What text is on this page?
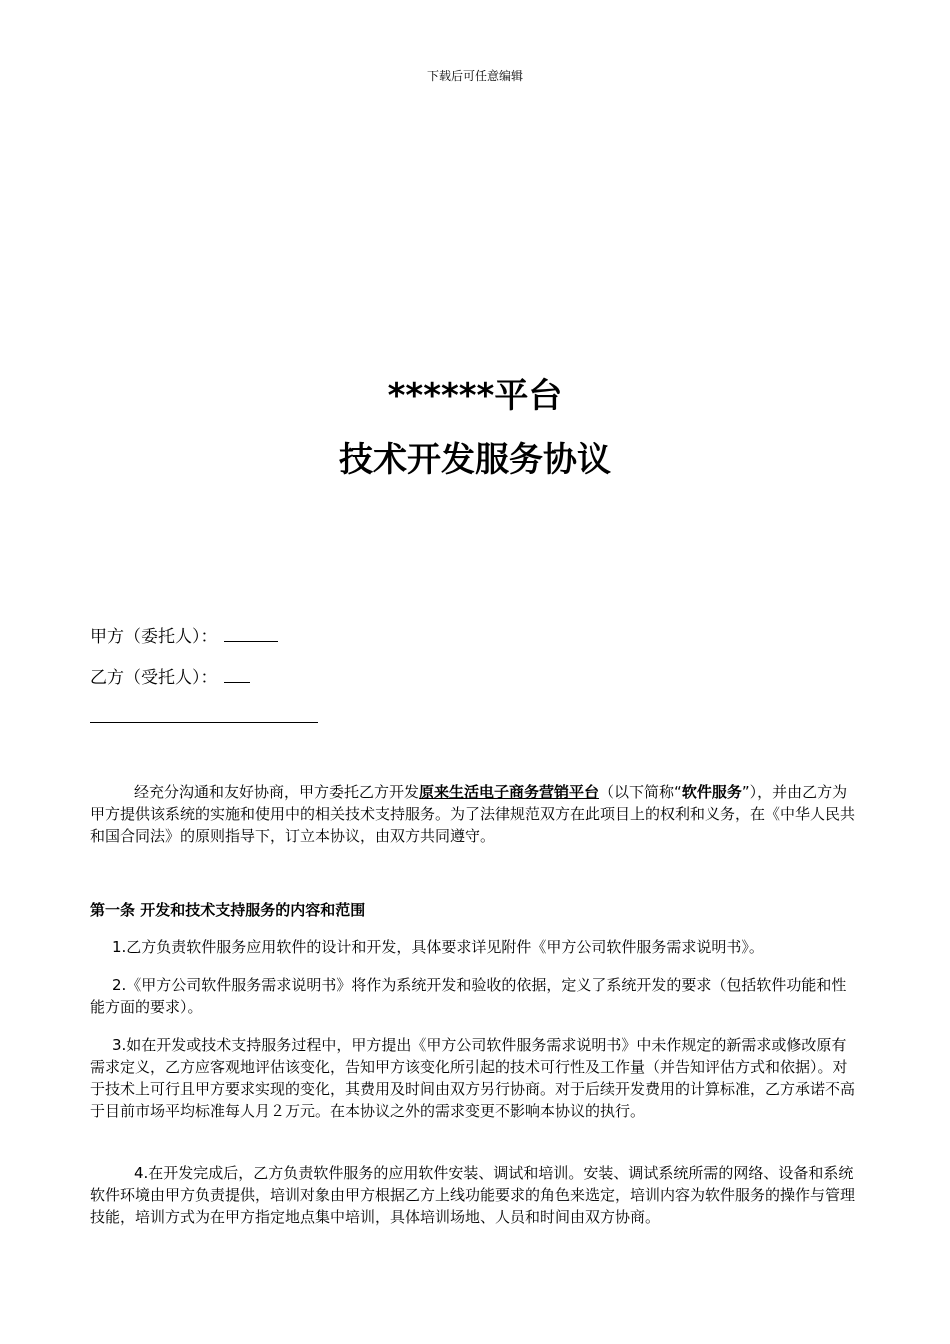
下载后可任意编辑
******平台
技术开发服务协议
甲方（委托人）：
乙方（受托人）：
经充分沟通和友好协商，甲方委托乙方开发原来生活电子商务营销平台（以下简称“软件服务”），并由乙方为甲方提供该系统的实施和使用中的相关技术支持服务。为了法律规范双方在此项目上的权利和义务，在《中华人民共和国合同法》的原则指导下，订立本协议，由双方共同遵守。
第一条 开发和技术支持服务的内容和范围
1.乙方负责软件服务应用软件的设计和开发，具体要求详见附件《甲方公司软件服务需求说明书》。
2.《甲方公司软件服务需求说明书》将作为系统开发和验收的依据，定义了系统开发的要求（包括软件功能和性能方面的要求）。
3.如在开发或技术支持服务过程中，甲方提出《甲方公司软件服务需求说明书》中未作规定的新需求或修改原有需求定义，乙方应客观地评估该变化，告知甲方该变化所引起的技术可行性及工作量（并告知评估方式和依据）。对于技术上可行且甲方要求实现的变化，其费用及时间由双方另行协商。对于后续开发费用的计算标准，乙方承诺不高于目前市场平均标准每人月２万元。在本协议之外的需求变更不影响本协议的执行。
4.在开发完成后，乙方负责软件服务的应用软件安装、调试和培训。安装、调试系统所需的网络、设备和系统软件环境由甲方负责提供，培训对象由甲方根据乙方上线功能要求的角色来选定，培训内容为软件服务的操作与管理技能，培训方式为在甲方指定地点集中培训，具体培训场地、人员和时间由双方协商。
